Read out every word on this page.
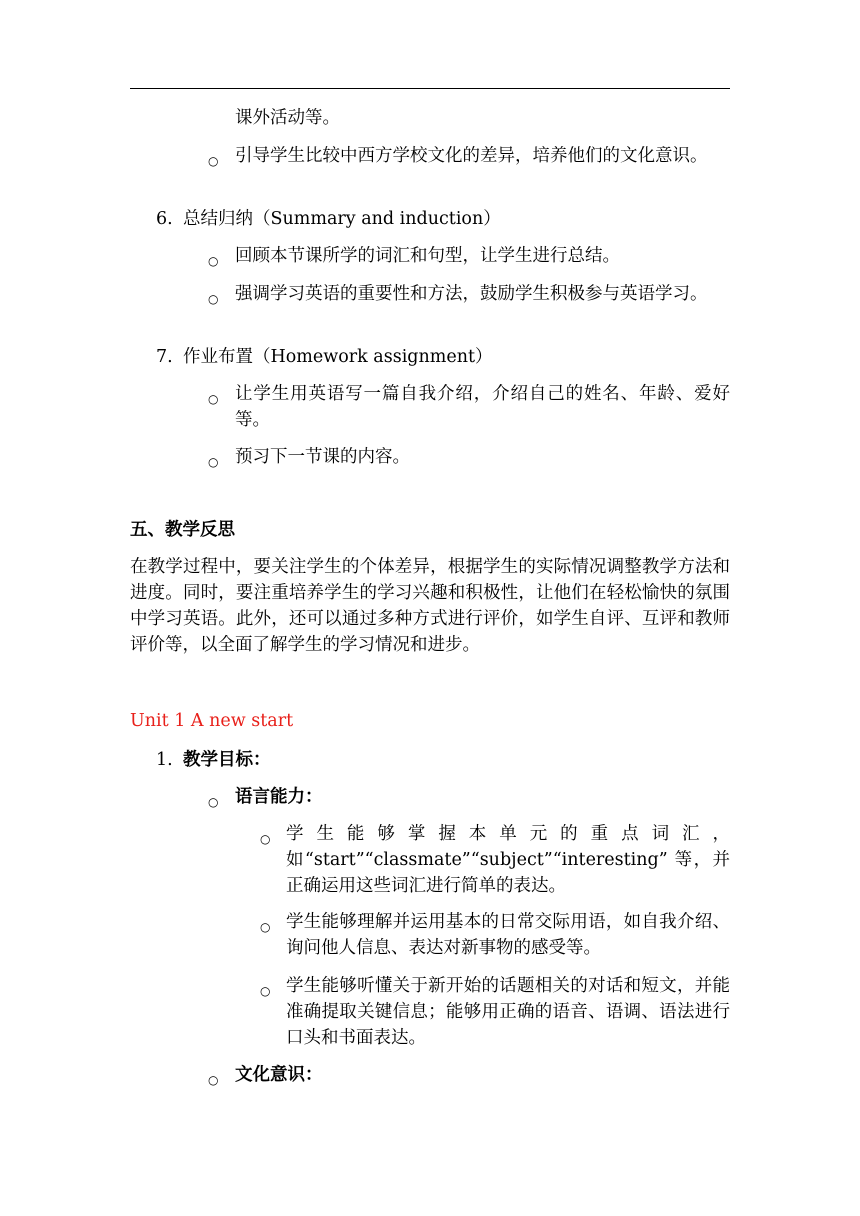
课外活动等。
○ 引导学生比较中西方学校文化的差异，培养他们的文化意识。
6. 总结归纳（Summary and induction）
○ 回顾本节课所学的词汇和句型，让学生进行总结。
○ 强调学习英语的重要性和方法，鼓励学生积极参与英语学习。
7. 作业布置（Homework assignment）
○ 让学生用英语写一篇自我介绍，介绍自己的姓名、年龄、爱好等。
○ 预习下一节课的内容。
五、教学反思
在教学过程中，要关注学生的个体差异，根据学生的实际情况调整教学方法和进度。同时，要注重培养学生的学习兴趣和积极性，让他们在轻松愉快的氛围中学习英语。此外，还可以通过多种方式进行评价，如学生自评、互评和教师评价等，以全面了解学生的学习情况和进步。
Unit 1 A new start
1. 教学目标：
○ 语言能力：
○ 学生能够掌握本单元的重点词汇，如“start”“classmate”“subject”“interesting” 等，并正确运用这些词汇进行简单的表达。
○ 学生能够理解并运用基本的日常交际用语，如自我介绍、询问他人信息、表达对新事物的感受等。
○ 学生能够听懂关于新开始的话题相关的对话和短文，并能准确提取关键信息；能够用正确的语音、语调、语法进行口头和书面表达。
○ 文化意识：
